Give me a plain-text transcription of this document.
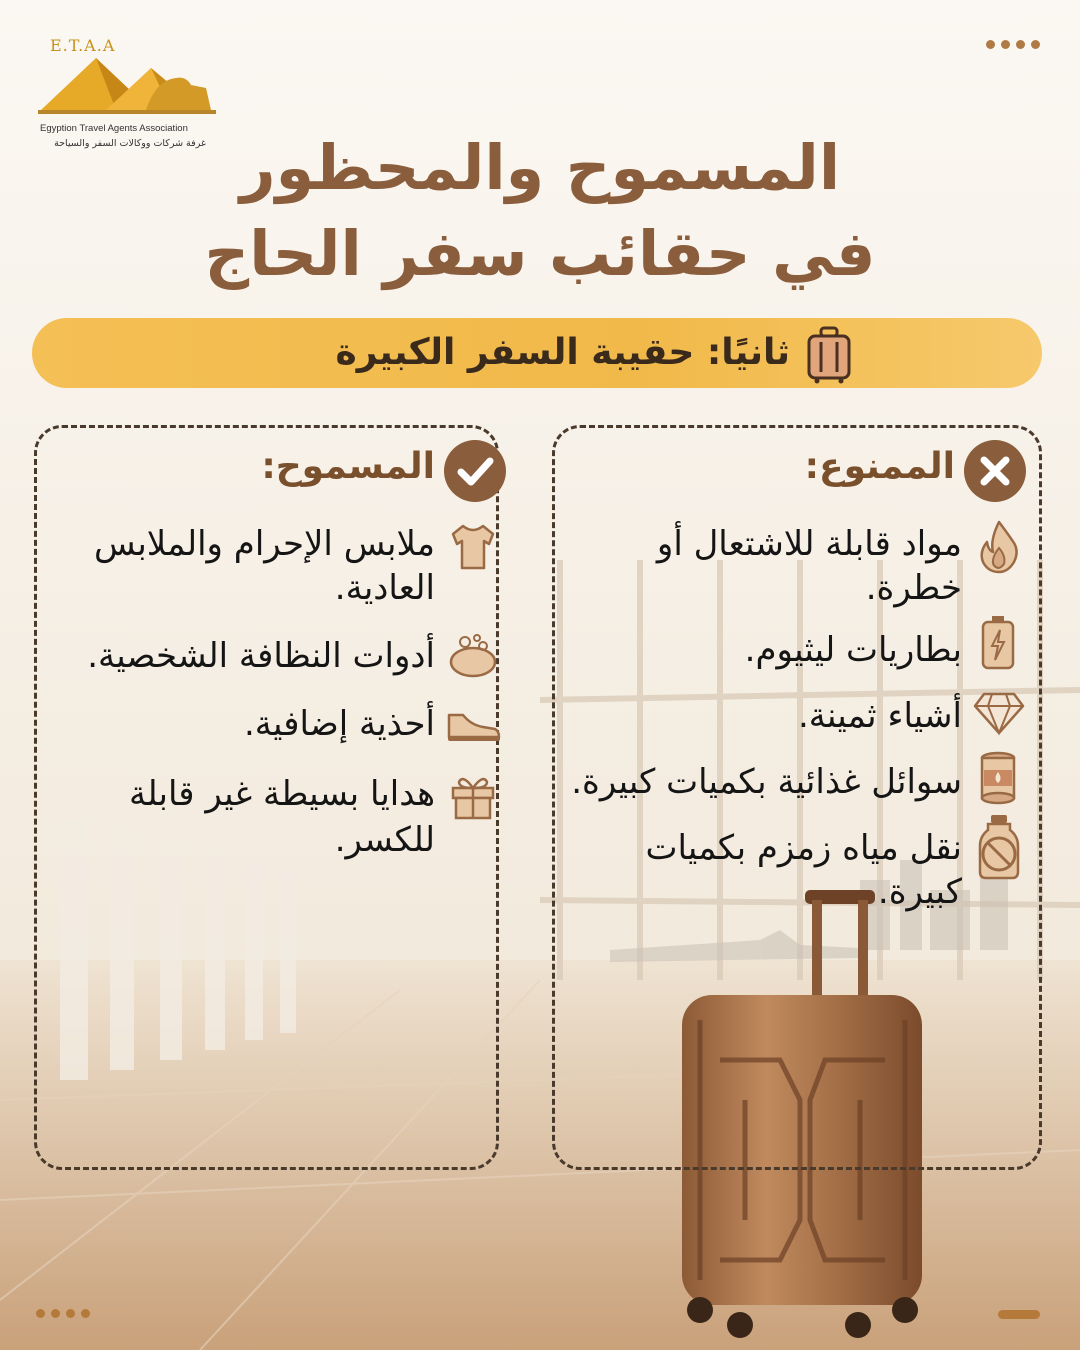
E.T.A.A
Egyption Travel Agents Association
غرفة شركات ووكالات السفر والسياحة المسموح والمحظور
في حقائب سفر الحاج
ثانيًا: حقيبة السفر الكبيرة
المسموح:
ملابس الإحرام والملابس
العادية.
أدوات النظافة الشخصية.
أحذية إضافية.
هدايا بسيطة غير قابلة
للكسر.
الممنوع:
مواد قابلة للاشتعال أو
خطرة.
بطاريات ليثيوم.
أشياء ثمينة.
سوائل غذائية بكميات كبيرة.
نقل مياه زمزم بكميات كبيرة.
